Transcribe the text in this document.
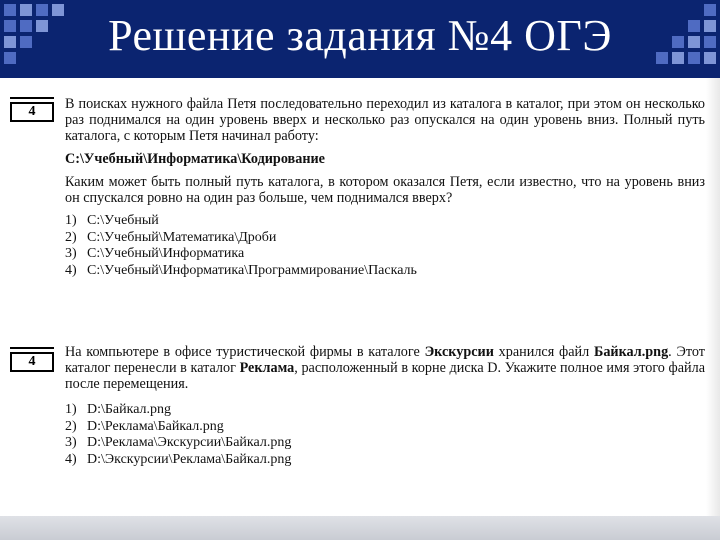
Решение задания №4 ОГЭ
4	В поисках нужного файла Петя последовательно переходил из каталога в каталог, при этом он несколько раз поднимался на один уровень вверх и несколько раз опускался на один уровень вниз. Полный путь каталога, с которым Петя начинал работу:

С:\Учебный\Информатика\Кодирование

Каким может быть полный путь каталога, в котором оказался Петя, если известно, что на уровень вниз он спускался ровно на один раз больше, чем поднимался вверх?

1) С:\Учебный
2) С:\Учебный\Математика\Дроби
3) С:\Учебный\Информатика
4) С:\Учебный\Информатика\Программирование\Паскаль
4

На компьютере в офисе туристической фирмы в каталоге Экскурсии хранился файл Байкал.png. Этот каталог перенесли в каталог Реклама, расположенный в корне диска D. Укажите полное имя этого файла после перемещения.

1) D:\Байкал.png
2) D:\Реклама\Байкал.png
3) D:\Реклама\Экскурсии\Байкал.png
4) D:\Экскурсии\Реклама\Байкал.png
